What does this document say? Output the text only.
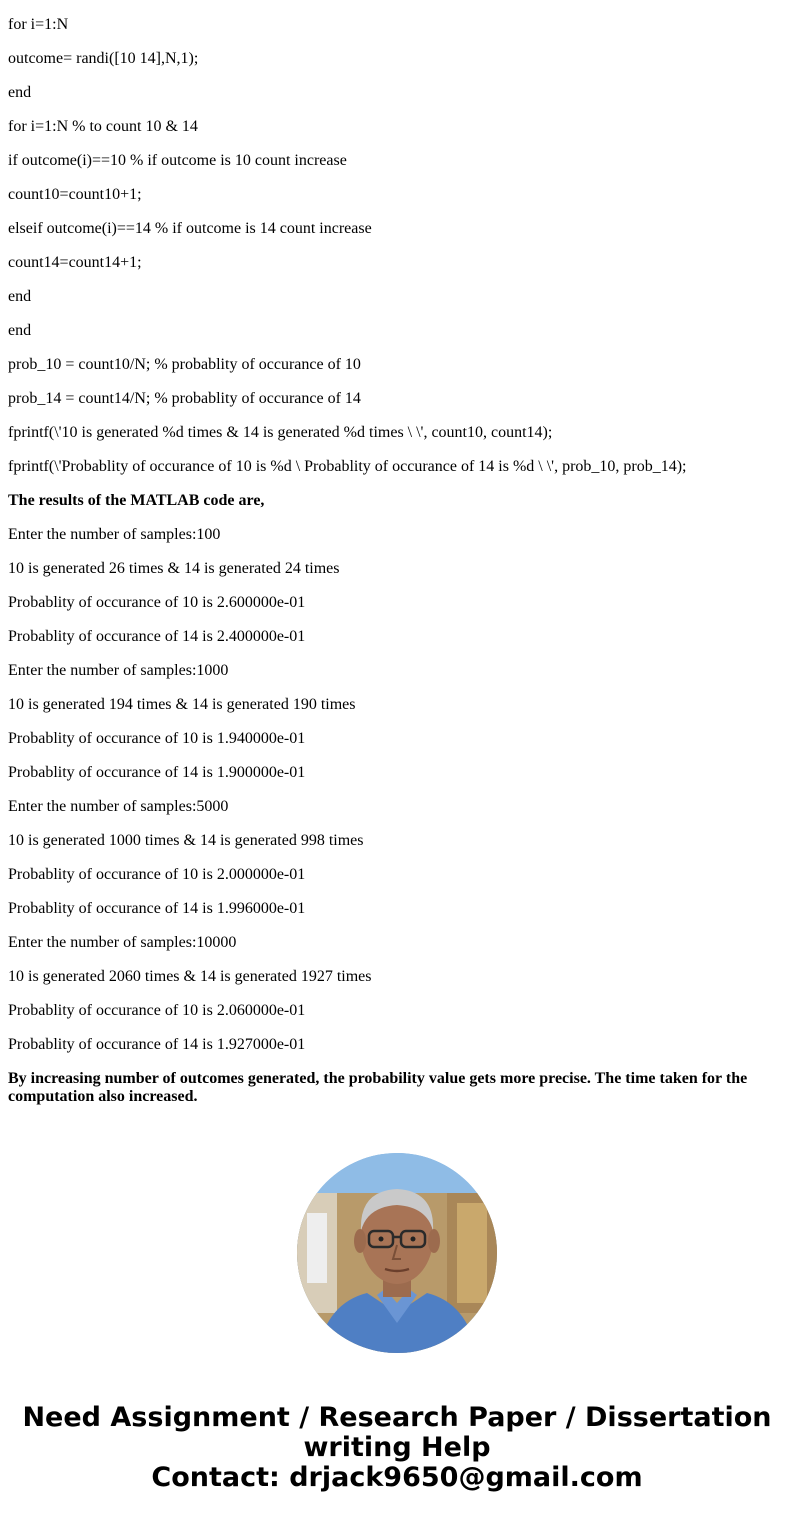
for i=1:N

outcome= randi([10 14],N,1);

end

for i=1:N % to count 10 & 14

if outcome(i)==10 % if outcome is 10 count increase

count10=count10+1;

elseif outcome(i)==14 % if outcome is 14 count increase

count14=count14+1;

end

end

prob_10 = count10/N; % probablity of occurance of 10

prob_14 = count14/N; % probablity of occurance of 14

fprintf(\'10 is generated %d times & 14 is generated %d times \ \', count10, count14);

fprintf(\'Probablity of occurance of 10 is %d \ Probablity of occurance of 14 is %d \ \', prob_10, prob_14);

The results of the MATLAB code are,

Enter the number of samples:100

10 is generated 26 times & 14 is generated 24 times

Probablity of occurance of 10 is 2.600000e-01

Probablity of occurance of 14 is 2.400000e-01

Enter the number of samples:1000

10 is generated 194 times & 14 is generated 190 times

Probablity of occurance of 10 is 1.940000e-01

Probablity of occurance of 14 is 1.900000e-01

Enter the number of samples:5000

10 is generated 1000 times & 14 is generated 998 times

Probablity of occurance of 10 is 2.000000e-01

Probablity of occurance of 14 is 1.996000e-01

Enter the number of samples:10000

10 is generated 2060 times & 14 is generated 1927 times

Probablity of occurance of 10 is 2.060000e-01

Probablity of occurance of 14 is 1.927000e-01

By increasing number of outcomes generated, the probability value gets more precise. The time taken for the computation also increased.

Need Assignment / Research Paper / Dissertation
writing Help
Contact: drjack9650@gmail.com
